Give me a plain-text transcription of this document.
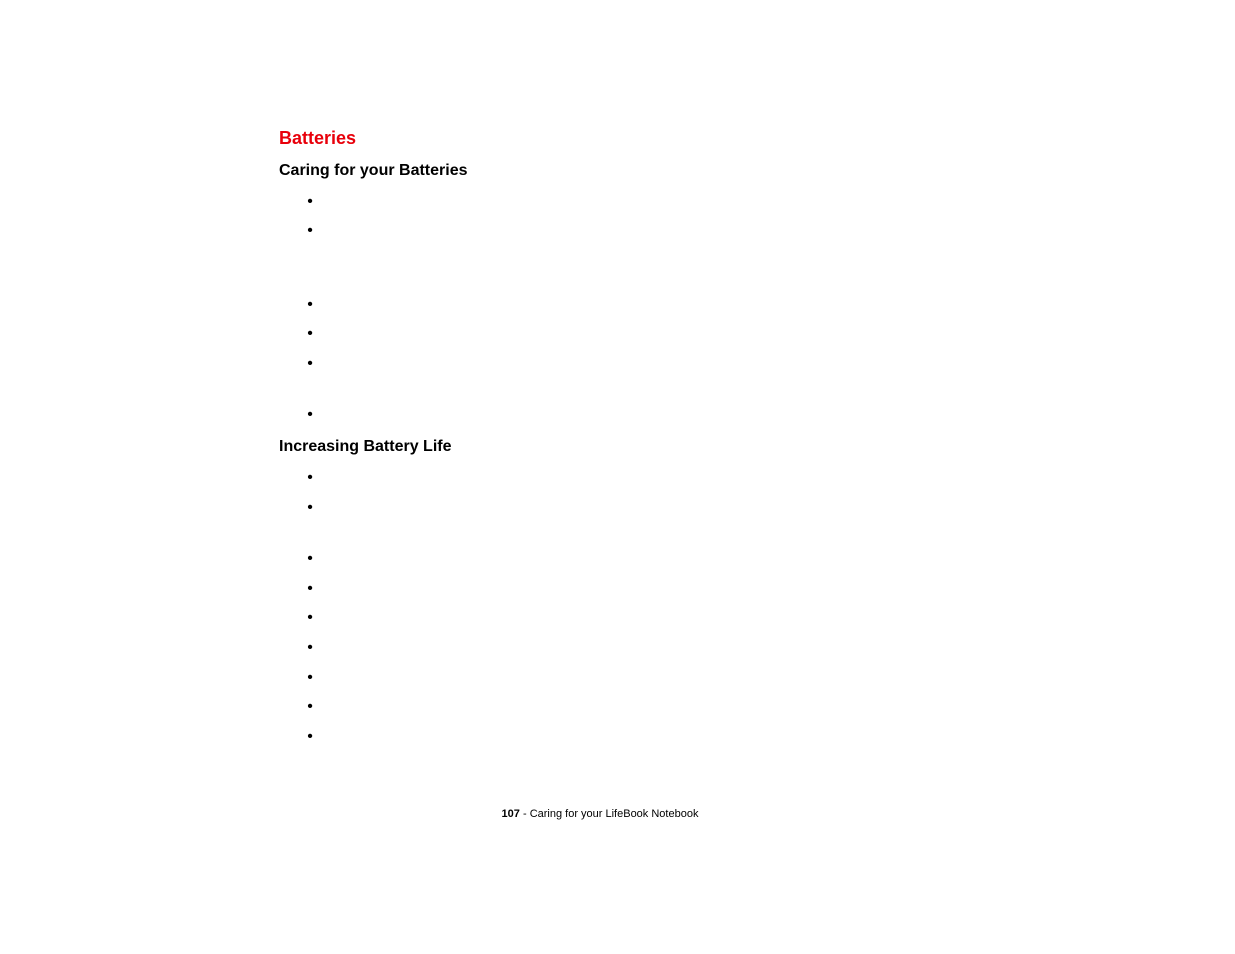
Batteries
Caring for your Batteries
•
•
•
•
•
•
Increasing Battery Life
•
•
•
•
•
•
•
•
•
107 - Caring for your LifeBook Notebook
